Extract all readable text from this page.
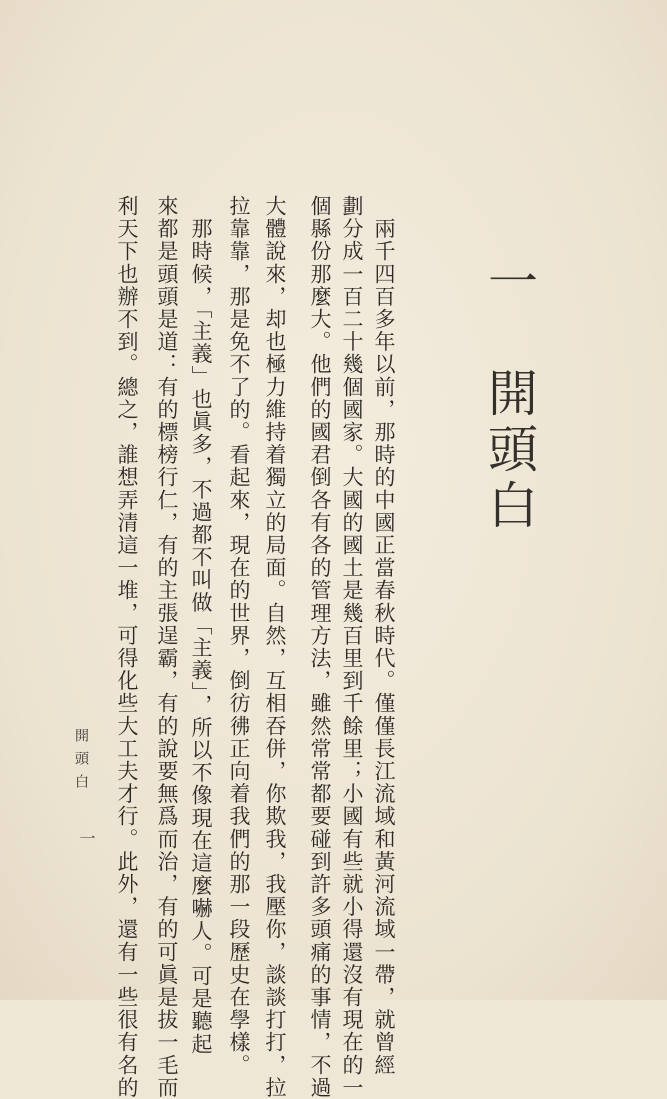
一　開頭白
　兩千四百多年以前，那時的中國正當春秋時代。僅僅長江流域和黃河流域一帶，就曾經
劃分成一百二十幾個國家。大國的國土是幾百里到千餘里；小國有些就小得還沒有現在的一
個縣份那麼大。他們的國君倒各有各的管理方法，雖然常常都要碰到許多頭痛的事情，不過
大體說來，却也極力維持着獨立的局面。自然，互相吞併，你欺我，我壓你，談談打打，拉
拉靠靠，那是免不了的。看起來，現在的世界，倒彷彿正向着我們的那一段歷史在學樣。
　那時候，「主義」也眞多，不過都不叫做「主義」，所以不像現在這麼嚇人。可是聽起
來都是頭頭是道：有的標榜行仁，有的主張逞霸，有的說要無爲而治，有的可眞是拔一毛而
利天下也辦不到。總之，誰想弄清這一堆，可得化些大工夫才行。此外，還有一些很有名的
開頭白
一
